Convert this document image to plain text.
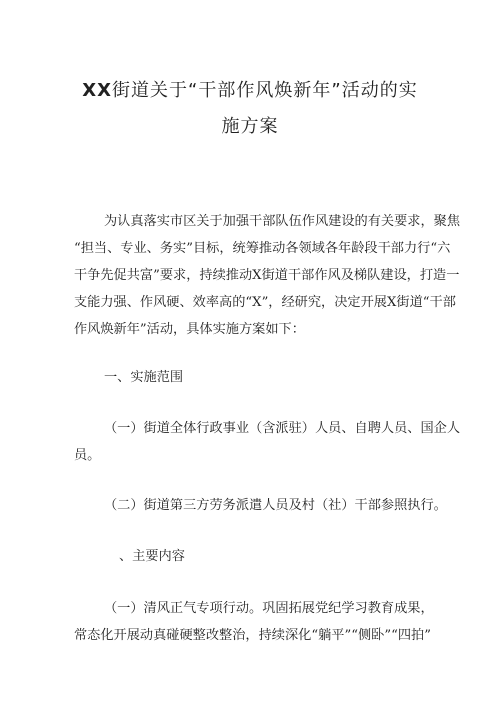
XX街道关于“干部作风焕新年”活动的实
施方案
为认真落实市区关于加强干部队伍作风建设的有关要求，聚焦
“担当、专业、务实”目标，统筹推动各领域各年龄段干部力行“六
干争先促共富”要求，持续推动X街道干部作风及梯队建设，打造一
支能力强、作风硬、效率高的“X”，经研究，决定开展X街道“干部
作风焕新年”活动，具体实施方案如下：
一、实施范围
（一）街道全体行政事业（含派驻）人员、自聘人员、国企人
员。
（二）街道第三方劳务派遣人员及村（社）干部参照执行。
、主要内容
（一）清风正气专项行动。巩固拓展党纪学习教育成果，
常态化开展动真碰硬整改整治，持续深化“躺平”“侧卧”“四拍”
